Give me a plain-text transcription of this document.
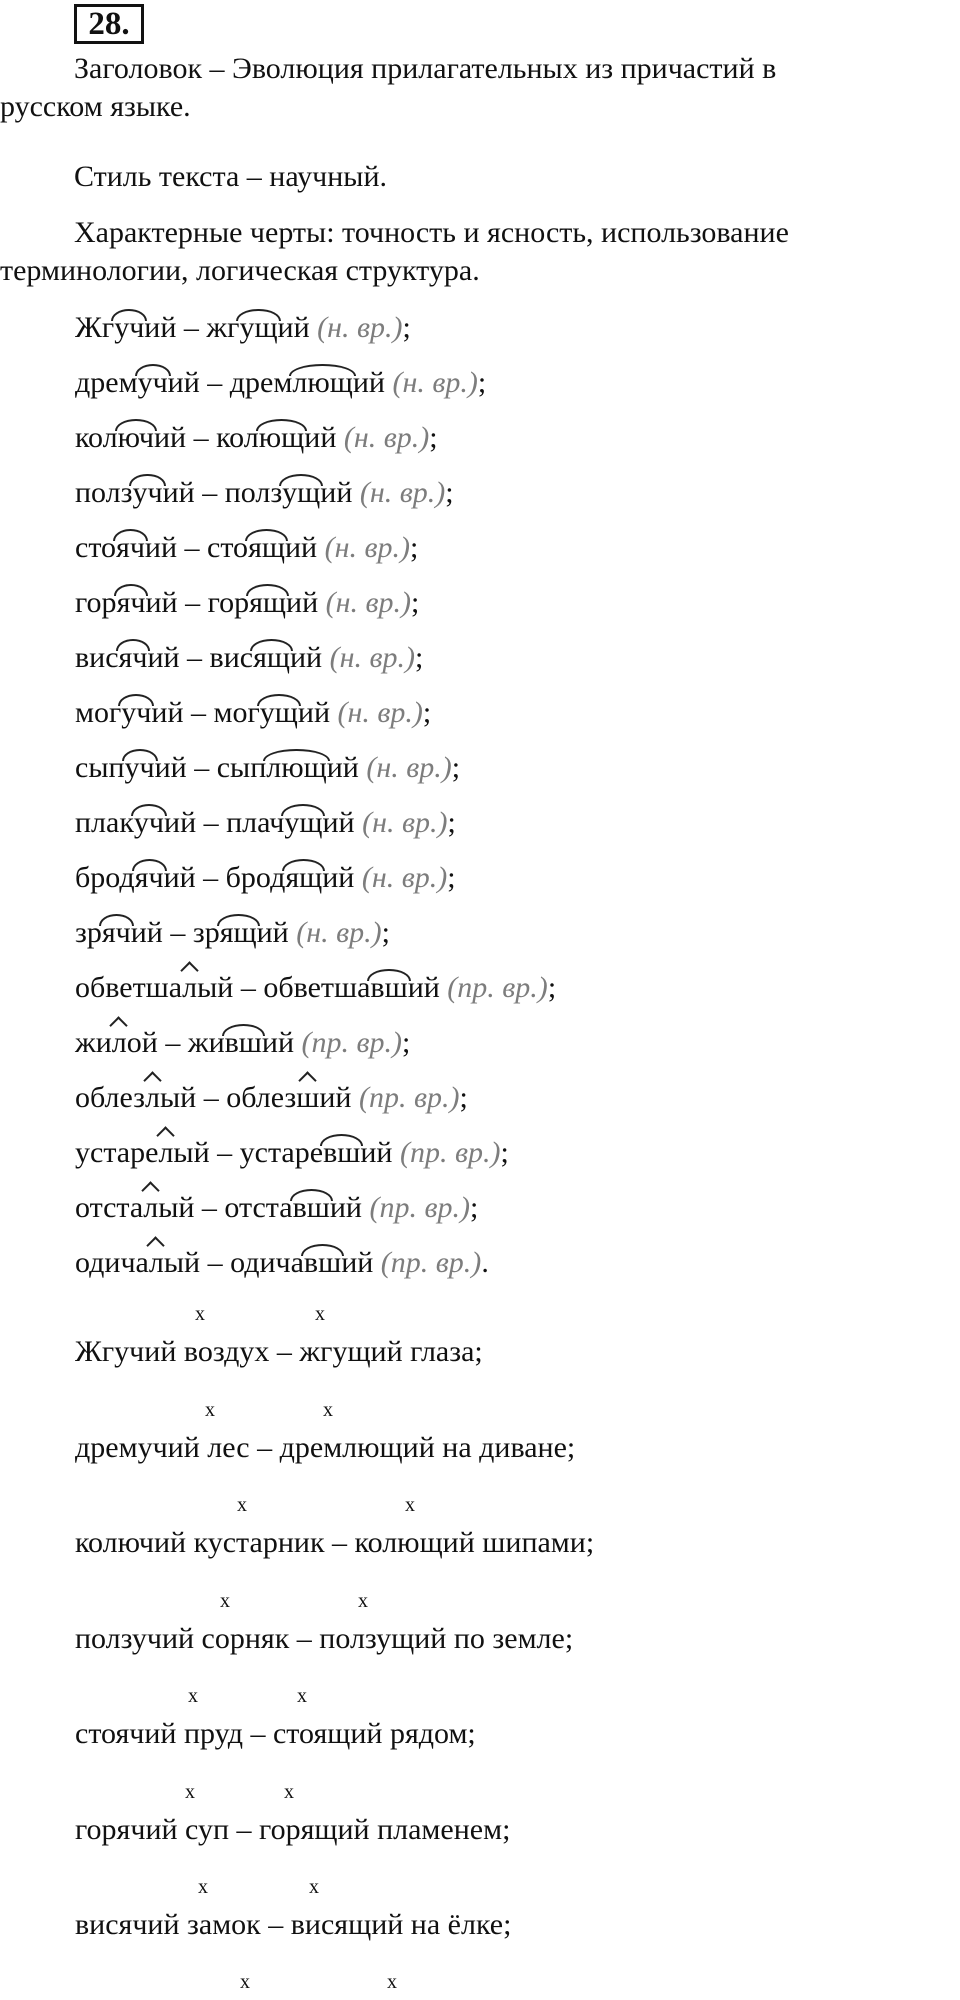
28.
Заголовок – Эволюция прилагательных из причастий в
русском языке.
Стиль текста – научный.
Характерные черты: точность и ясность, использование
терминологии, логическая структура.
Жгуч
ий – жгущ
ий (н. вр.);
дремуч
ий – дремлющ
ий (н. вр.);
колюч
ий – колющ
ий (н. вр.);
ползуч
ий – ползущ
ий (н. вр.);
стояч
ий – стоящ
ий (н. вр.);
горяч
ий – горящ
ий (н. вр.);
висяч
ий – висящ
ий (н. вр.);
могуч
ий – могущ
ий (н. вр.);
сыпуч
ий – сыплющ
ий (н. вр.);
плакуч
ий – плачущ
ий (н. вр.);
бродяч
ий – бродящ
ий (н. вр.);
зряч
ий – зрящ
ий (н. вр.);
обветшал
ый – обветшавш
ий (пр. вр.);
жил
ой – живш
ий (пр. вр.);
облезл
ый – облезш
ий (пр. вр.);
устарел
ый – устаревш
ий (пр. вр.);
отстал
ый – отставш
ий (пр. вр.);
одичал
ый – одичавш
ий (пр. вр.).
x	x
Жгучий воздух – жгущий глаза;
x	x
дремучий лес – дремлющий на диване;
x	x
колючий кустарник – колющий шипами;
x	x
ползучий сорняк – ползущий по земле;
x	x
стоячий пруд – стоящий рядом;
x	x
горячий суп – горящий пламенем;
x	x
висячий замок – висящий на ёлке;
x	x
